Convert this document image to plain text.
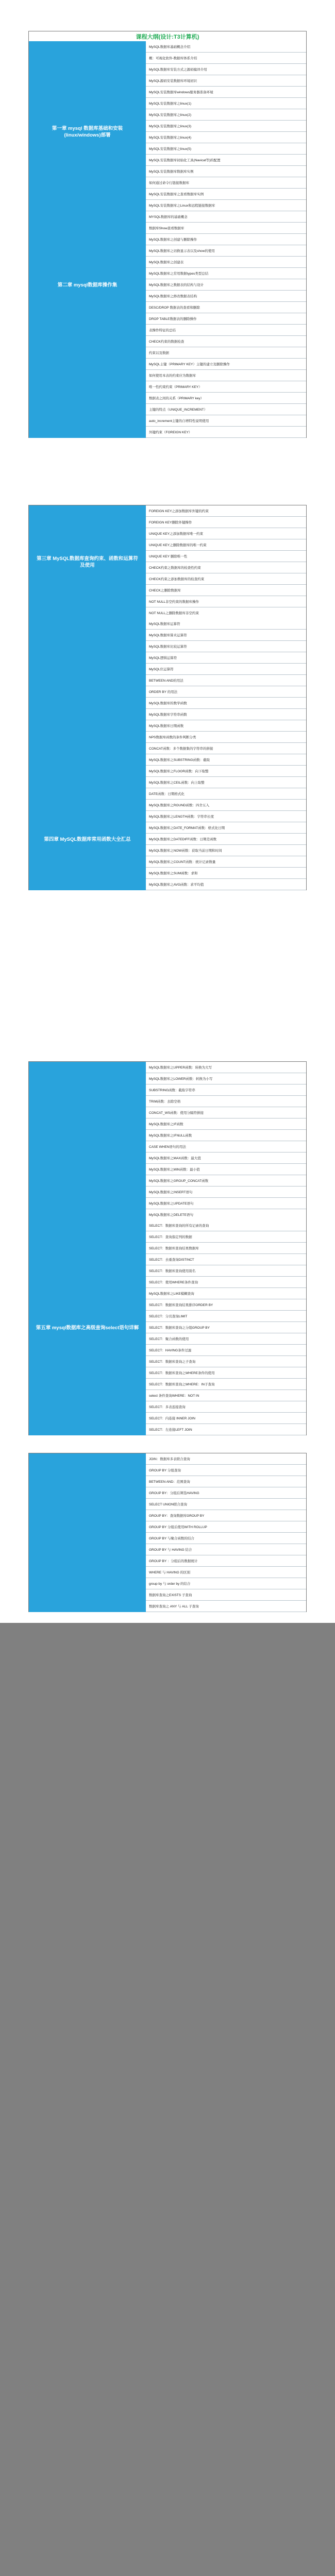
课程大纲(设计:T3计算机)
第一章 mysql 数据库基础和安装(linux/windows)部署
MySQL数据库基础概念介绍
概：可视化软件-数据库体系介绍
MySQL数据库安装方式之源码编译介绍
MySQL源码安装数据库环境初识
MySQL安装数据库windows服务器准备环境
MySQL安装数据库之linux(1)
MySQL安装数据库之linux(2)
MySQL安装数据库之linux(3)
MySQL安装数据库之linux(4)
MySQL安装数据库之linux(5)
MySQL安装数据库初始化工具(Navicat等)的配置
MySQL安装数据库数据库实例
如何通过命令行链接数据库
MySQL安装数据库之查看数据库实例
MySQL安装数据库之Linux和远程链接数据库
MYSQL数据库的基础概念
第二章 mysql数据库操作集
数据库Show查看数据库
MySQL数据库之创建与删除操作
MySQL数据库之切换显示表以及show的使用
MySQL数据库之创建表
MySQL数据库之常用数据types类型总结
MySQL数据库之数据表的结构与设计
MySQL数据库之修改数据表结构
DESC/DROP 数据表的查看和删除
DROP TABLE数据表的删除操作
表操作特征的总结
CHECK约束的数据检查
约束以及数据
MySQL主键（PRIMARY KEY）主键的建立及删除操作
如何使用本表的约束应为数据库
唯一性约束约束（PRIMARY KEY）
数据表之间的关系（PRIMARY key）
主键的特点（UNIQUE_INCREMENT）
auto_increment主键的自增特性说明使用
外键约束（FOREIGN KEY）
第三章 MySQL数据库查询约束、函数和运算符及使用
FOREIGN KEY之添加数据库外键的约束
FOREIGN KEY删除外键操作
UNIQUE KEY之添加数据库唯一约束
UNIQUE KEY之删除数据库的唯一约束
UNIQUE KEY 删除唯一性
CHECK约束之数据库的检查性约束
CHECK约束之添加数据库的检查约束
CHECK之删除数据库
NOT NULL非空约束的数据库操作
NOT NULL之删除数据库非空约束
MySQL数据库运算符
MySQL数据库算术运算符
MySQL数据库比较运算符
MySQL逻辑运算符
MySQL位运算符
BETWEEN AND的用法
ORDER BY 的用法
MySQL数据库的数学函数
MySQL数据库字符串函数
MySQL数据库日期函数
NPS数据库函数的条件判断分类
CONCAT函数：多个数据集的字符串的拼接
MySQL数据库之SUBSTRING函数：截取
MySQL数据库之FLOOR函数：向下取整
MySQL数据库之CEIL函数：向上取整
第四章 MySQL数据库常用函数大全汇总
DATE函数：日期格式化
MySQL数据库之ROUND函数：四舍五入
MySQL数据库之LENGTH函数：字符串长度
MySQL数据库之DATE_FORMAT函数：格式化日期
MySQL数据库之DATEDIFF函数：日期差函数
MySQL数据库之NOW函数：获取当前日期和时间
MySQL数据库之COUNT函数：统计记录数量
MySQL数据库之SUM函数：求和
MySQL数据库之AVG函数：求平均值
MySQL数据库之UPPER函数：转换为大写
MySQL数据库之LOWER函数：转换为小写
SUBSTRING函数：截取字符串
TRIM函数：去除空格
CONCAT_WS函数：使用分隔符拼接
MySQL数据库之IF函数
MySQL数据库之IFNULL函数
CASE WHEN语句的用法
MySQL数据库之MAX函数：最大值
MySQL数据库之MIN函数：最小值
MySQL数据库之GROUP_CONCAT函数
MySQL数据库之INSERT语句
MySQL数据库之UPDATE语句
MySQL数据库之DELETE语句
第五章 mysql数据库之高级查询select语句详解
SELECT：数据库查询的所有记录的查询
SELECT：查询指定列的数据
SELECT：数据库查询结果数据库
SELECT：去重查询DISTINCT
SELECT：数据库查询使用别名
SELECT：使用WHERE条件查询
MySQL数据库之LIKE模糊查询
SELECT：数据库查询结果排序ORDER BY
SELECT：分页查询LIMIT
SELECT：数据库查询之分组GROUP BY
SELECT：聚合函数的使用
SELECT：HAVING条件过滤
SELECT：数据库查询之子查询
SELECT：数据库查询之WHERE条件的使用
SELECT：数据库查询之WHERE：IN子查询
select 条件查询WHERE：NOT IN
SELECT：多表连接查询
SELECT：内连接 INNER JOIN
SELECT：左连接LEFT JOIN
JOIN：数据库多表联合查询
GROUP BY 分组查询
BETWEEN AND：范围查询
GROUP BY：分组后筛选HAVING
SELECT UNION联合查询
GROUP BY：查询数据库GROUP BY
GROUP BY 分组后使用WITH ROLLUP
GROUP BY 与聚合函数的结合
GROUP BY 与 HAVING 结合
GROUP BY ：分组后的数据统计
WHERE 与 HAVING 的区别
group by 与 order by 的结合
数据库查询之EXISTS 子查询
数据库查询之 ANY 与 ALL 子查询
